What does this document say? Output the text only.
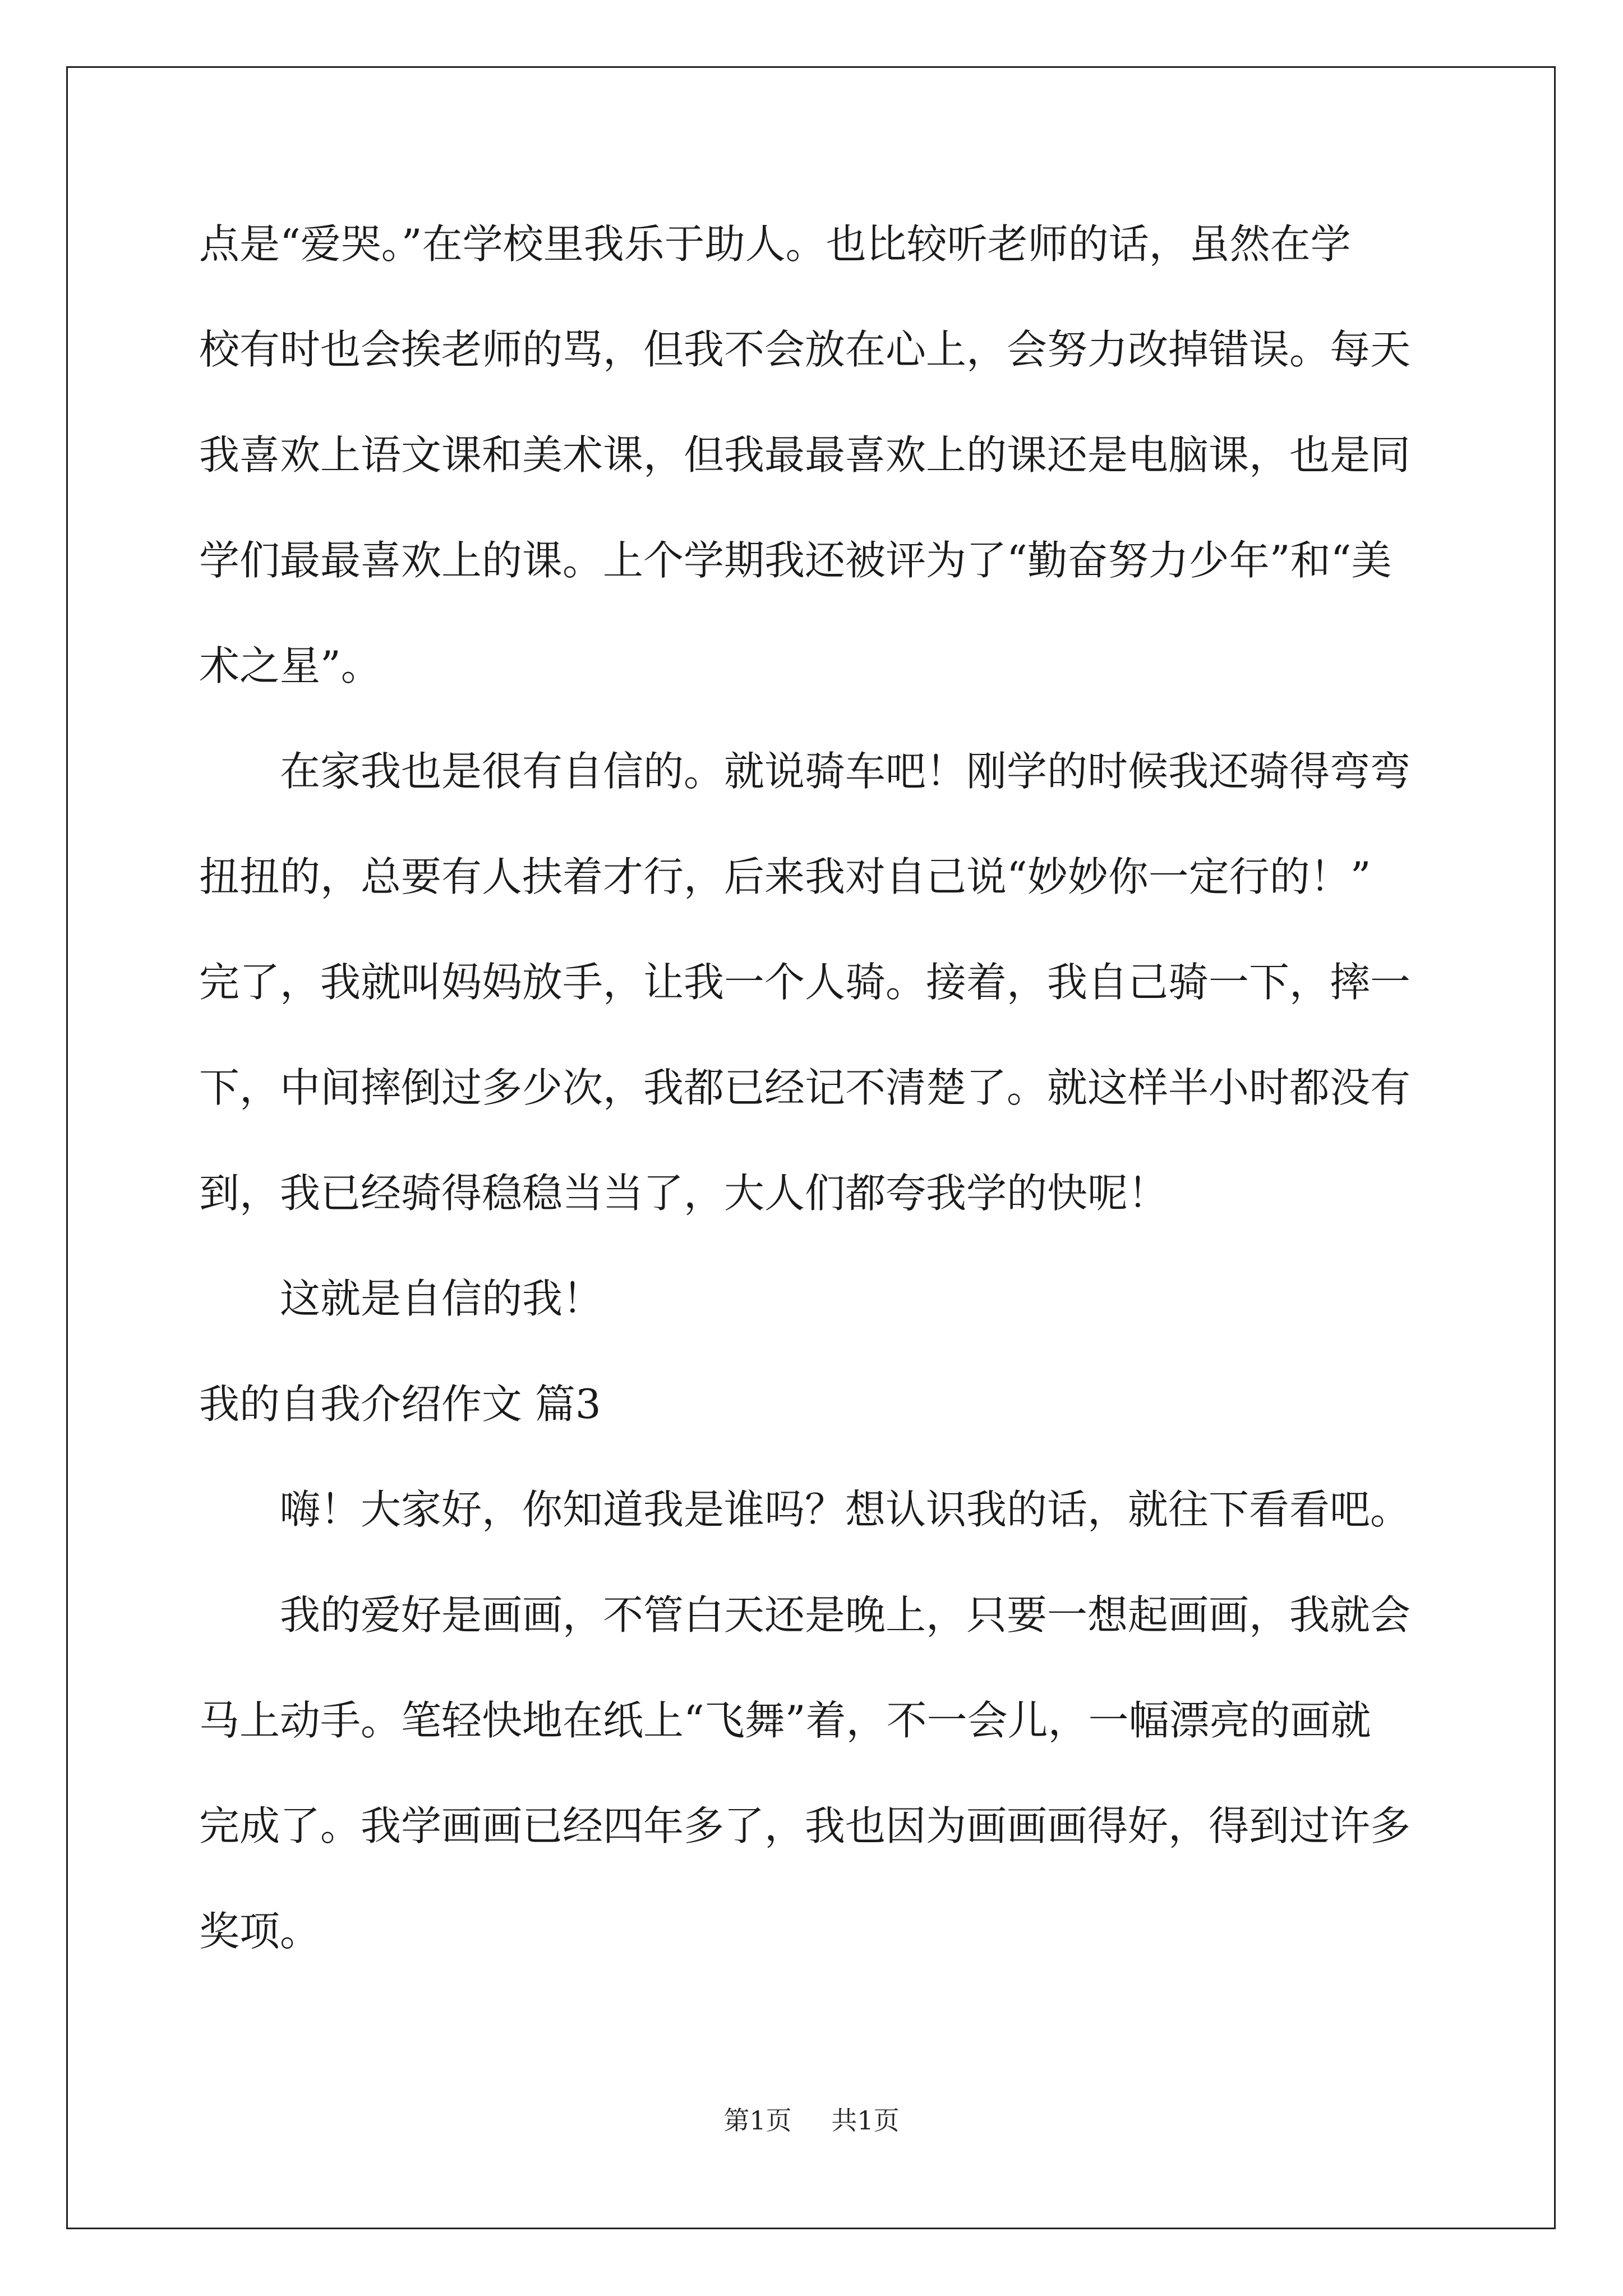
点是“爱哭。”在学校里我乐于助人。也比较听老师的话，虽然在学
校有时也会挨老师的骂，但我不会放在心上，会努力改掉错误。每天
我喜欢上语文课和美术课，但我最最喜欢上的课还是电脑课，也是同
学们最最喜欢上的课。上个学期我还被评为了“勤奋努力少年”和“美
术之星”。
在家我也是很有自信的。就说骑车吧！刚学的时候我还骑得弯弯
扭扭的，总要有人扶着才行，后来我对自己说“妙妙你一定行的！”
完了，我就叫妈妈放手，让我一个人骑。接着，我自己骑一下，摔一
下，中间摔倒过多少次，我都已经记不清楚了。就这样半小时都没有
到，我已经骑得稳稳当当了，大人们都夸我学的快呢！
这就是自信的我！
我的自我介绍作文 篇3
嗨！大家好，你知道我是谁吗？想认识我的话，就往下看看吧。
我的爱好是画画，不管白天还是晚上，只要一想起画画，我就会
马上动手。笔轻快地在纸上“飞舞”着，不一会儿，一幅漂亮的画就
完成了。我学画画已经四年多了，我也因为画画画得好，得到过许多
奖项。
第1页 共1页
